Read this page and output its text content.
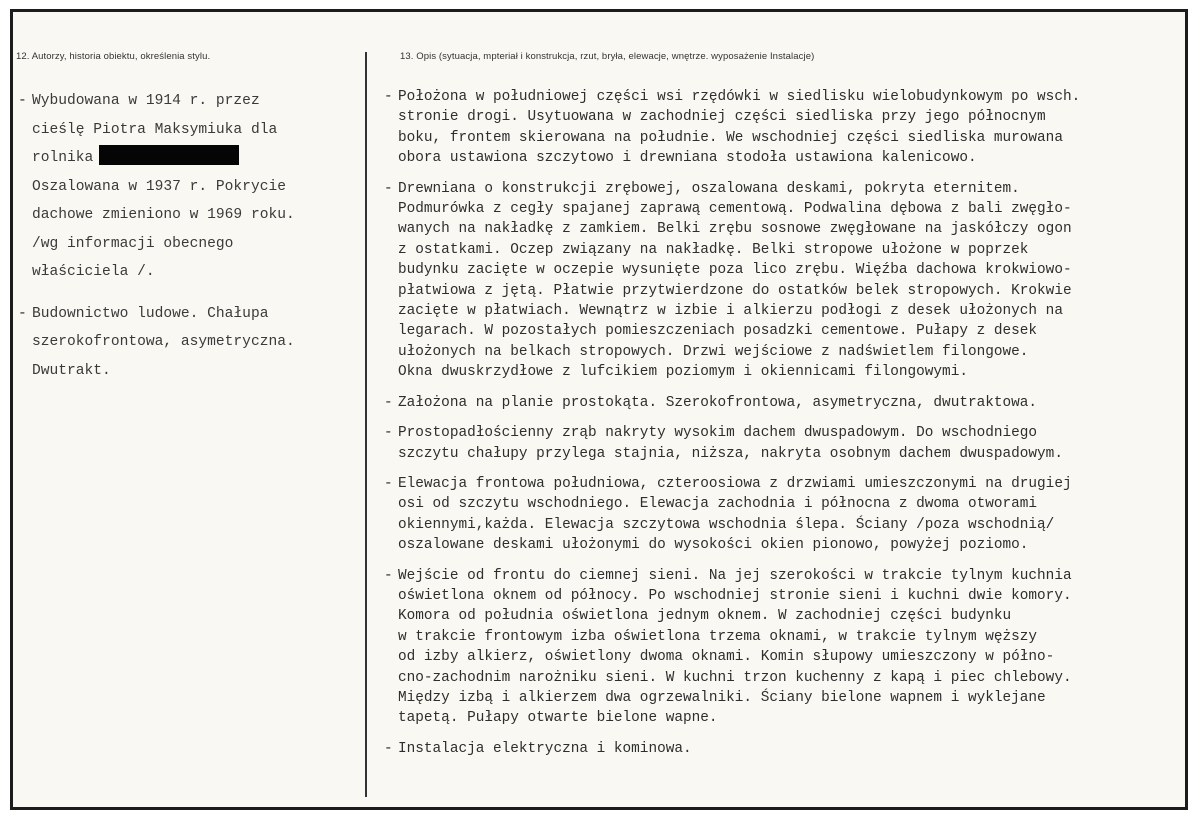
12. Autorzy, historia obiektu, określenia stylu.	13. Opis (sytuacja, mpteriał i konstrukcja, rzut, bryła, elewacje, wnętrze. wyposażenie Instalacje)
- Wybudowana w 1914 r. przez
cieślę Piotra Maksymiuka dla
rolnika
Oszalowana w 1937 r. Pokrycie
dachowe zmieniono w 1969 roku.
/wg informacji obecnego
właściciela /.
- Budownictwo ludowe. Chałupa
szerokofrontowa, asymetryczna.
Dwutrakt.
- Położona w południowej części wsi rzędówki w siedlisku wielobudynkowym po wsch.
stronie drogi. Usytuowana w zachodniej części siedliska przy jego północnym
boku, frontem skierowana na południe. We wschodniej części siedliska murowana
obora ustawiona szczytowo i drewniana stodoła ustawiona kalenicowo.
- Drewniana o konstrukcji zrębowej, oszalowana deskami, pokryta eternitem.
Podmurówka z cegły spajanej zaprawą cementową. Podwalina dębowa z bali zwęgło-
wanych na nakładkę z zamkiem. Belki zrębu sosnowe zwęgłowane na jaskółczy ogon
z ostatkami. Oczep związany na nakładkę. Belki stropowe ułożone w poprzek
budynku zacięte w oczepie wysunięte poza lico zrębu. Więźba dachowa krokwiowo-
płatwiowa z jętą. Płatwie przytwierdzone do ostatków belek stropowych. Krokwie
zacięte w płatwiach. Wewnątrz w izbie i alkierzu podłogi z desek ułożonych na
legarach. W pozostałych pomieszczeniach posadzki cementowe. Pułapy z desek
ułożonych na belkach stropowych. Drzwi wejściowe z nadświetlem filongowe.
Okna dwuskrzydłowe z lufcikiem poziomym i okiennicami filongowymi.
- Założona na planie prostokąta. Szerokofrontowa, asymetryczna, dwutraktowa.
- Prostopadłościenny zrąb nakryty wysokim dachem dwuspadowym. Do wschodniego
szczytu chałupy przylega stajnia, niższa, nakryta osobnym dachem dwuspadowym.
- Elewacja frontowa południowa, czteroosiowa z drzwiami umieszczonymi na drugiej
osi od szczytu wschodniego. Elewacja zachodnia i północna z dwoma otworami
okiennymi,każda. Elewacja szczytowa wschodnia ślepa. Ściany /poza wschodnią/
oszalowane deskami ułożonymi do wysokości okien pionowo, powyżej poziomo.
- Wejście od frontu do ciemnej sieni. Na jej szerokości w trakcie tylnym kuchnia
oświetlona oknem od północy. Po wschodniej stronie sieni i kuchni dwie komory.
Komora od południa oświetlona jednym oknem. W zachodniej części budynku
w trakcie frontowym izba oświetlona trzema oknami, w trakcie tylnym węższy
od izby alkierz, oświetlony dwoma oknami. Komin słupowy umieszczony w półno-
cno-zachodnim narożniku sieni. W kuchni trzon kuchenny z kapą i piec chlebowy.
Między izbą i alkierzem dwa ogrzewalniki. Ściany bielone wapnem i wyklejane
tapetą. Pułapy otwarte bielone wapne.
- Instalacja elektryczna i kominowa.
